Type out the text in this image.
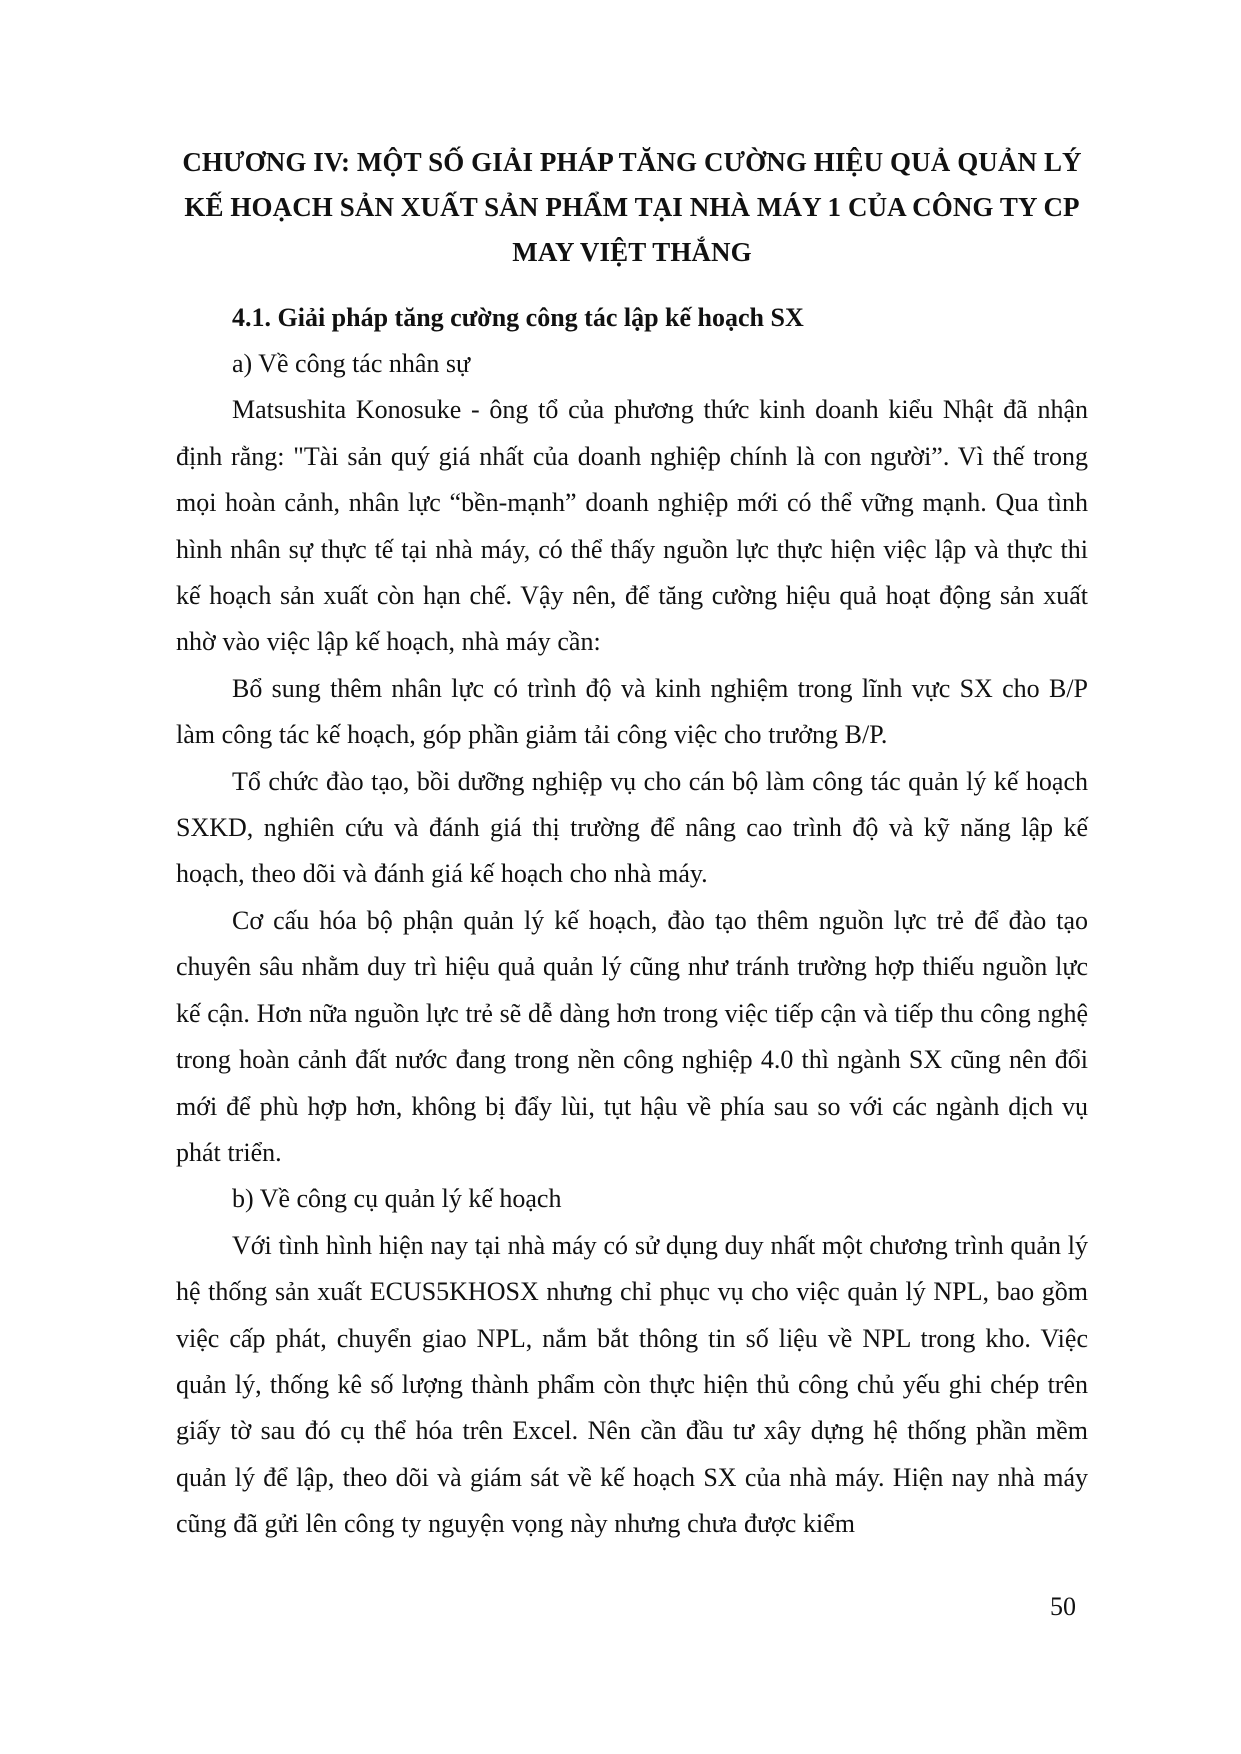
CHƯƠNG IV: MỘT SỐ GIẢI PHÁP TĂNG CƯỜNG HIỆU QUẢ QUẢN LÝ
KẾ HOẠCH SẢN XUẤT SẢN PHẨM TẠI NHÀ MÁY 1 CỦA CÔNG TY CP
MAY VIỆT THẮNG
4.1. Giải pháp tăng cường công tác lập kế hoạch SX
a) Về công tác nhân sự

Matsushita Konosuke - ông tổ của phương thức kinh doanh kiểu Nhật đã nhận định rằng: "Tài sản quý giá nhất của doanh nghiệp chính là con người”. Vì thế trong mọi hoàn cảnh, nhân lực “bền-mạnh” doanh nghiệp mới có thể vững mạnh. Qua tình hình nhân sự thực tế tại nhà máy, có thể thấy nguồn lực thực hiện việc lập và thực thi kế hoạch sản xuất còn hạn chế. Vậy nên, để tăng cường hiệu quả hoạt động sản xuất nhờ vào việc lập kế hoạch, nhà máy cần:

Bổ sung thêm nhân lực có trình độ và kinh nghiệm trong lĩnh vực SX cho B/P làm công tác kế hoạch, góp phần giảm tải công việc cho trưởng B/P.

Tổ chức đào tạo, bồi dưỡng nghiệp vụ cho cán bộ làm công tác quản lý kế hoạch SXKD, nghiên cứu và đánh giá thị trường để nâng cao trình độ và kỹ năng lập kế hoạch, theo dõi và đánh giá kế hoạch cho nhà máy.

Cơ cấu hóa bộ phận quản lý kế hoạch, đào tạo thêm nguồn lực trẻ để đào tạo chuyên sâu nhằm duy trì hiệu quả quản lý cũng như tránh trường hợp thiếu nguồn lực kế cận. Hơn nữa nguồn lực trẻ sẽ dễ dàng hơn trong việc tiếp cận và tiếp thu công nghệ trong hoàn cảnh đất nước đang trong nền công nghiệp 4.0 thì ngành SX cũng nên đổi mới để phù hợp hơn, không bị đẩy lùi, tụt hậu về phía sau so với các ngành dịch vụ phát triển.

b) Về công cụ quản lý kế hoạch

Với tình hình hiện nay tại nhà máy có sử dụng duy nhất một chương trình quản lý hệ thống sản xuất ECUS5KHOSX nhưng chỉ phục vụ cho việc quản lý NPL, bao gồm việc cấp phát, chuyển giao NPL, nắm bắt thông tin số liệu về NPL trong kho. Việc quản lý, thống kê số lượng thành phẩm còn thực hiện thủ công chủ yếu ghi chép trên giấy tờ sau đó cụ thể hóa trên Excel. Nên cần đầu tư xây dựng hệ thống phần mềm quản lý để lập, theo dõi và giám sát về kế hoạch SX của nhà máy. Hiện nay nhà máy cũng đã gửi lên công ty nguyện vọng này nhưng chưa được kiểm

50
